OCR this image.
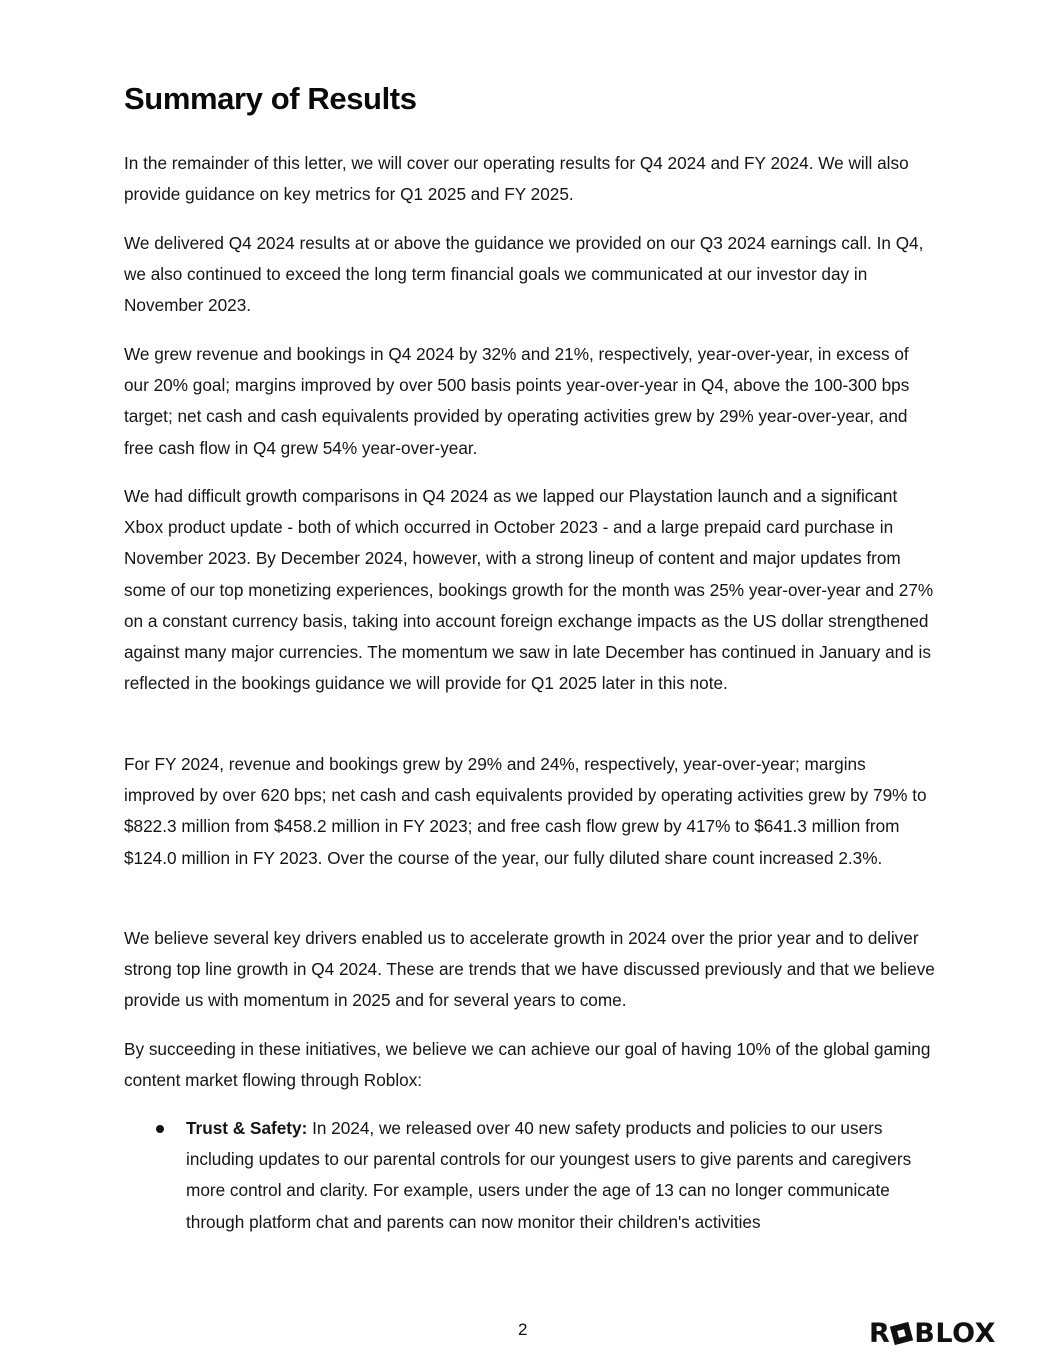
Summary of Results

In the remainder of this letter, we will cover our operating results for Q4 2024 and FY 2024. We will also provide guidance on key metrics for Q1 2025 and FY 2025.

We delivered Q4 2024 results at or above the guidance we provided on our Q3 2024 earnings call. In Q4, we also continued to exceed the long term financial goals we communicated at our investor day in November 2023.

We grew revenue and bookings in Q4 2024 by 32% and 21%, respectively, year-over-year, in excess of our 20% goal; margins improved by over 500 basis points year-over-year in Q4, above the 100-300 bps target; net cash and cash equivalents provided by operating activities grew by 29% year-over-year, and free cash flow in Q4 grew 54% year-over-year.

We had difficult growth comparisons in Q4 2024 as we lapped our Playstation launch and a significant Xbox product update - both of which occurred in October 2023 - and a large prepaid card purchase in November 2023. By December 2024, however, with a strong lineup of content and major updates from some of our top monetizing experiences, bookings growth for the month was 25% year-over-year and 27% on a constant currency basis, taking into account foreign exchange impacts as the US dollar strengthened against many major currencies. The momentum we saw in late December has continued in January and is reflected in the bookings guidance we will provide for Q1 2025 later in this note.

For FY 2024, revenue and bookings grew by 29% and 24%, respectively, year-over-year; margins improved by over 620 bps; net cash and cash equivalents provided by operating activities grew by 79% to $822.3 million from $458.2 million in FY 2023; and free cash flow grew by 417% to $641.3 million from $124.0 million in FY 2023. Over the course of the year, our fully diluted share count increased 2.3%.

We believe several key drivers enabled us to accelerate growth in 2024 over the prior year and to deliver strong top line growth in Q4 2024. These are trends that we have discussed previously and that we believe provide us with momentum in 2025 and for several years to come.

By succeeding in these initiatives, we believe we can achieve our goal of having 10% of the global gaming content market flowing through Roblox:

Trust & Safety: In 2024, we released over 40 new safety products and policies to our users including updates to our parental controls for our youngest users to give parents and caregivers more control and clarity. For example, users under the age of 13 can no longer communicate through platform chat and parents can now monitor their children's activities
2	R BLOX
